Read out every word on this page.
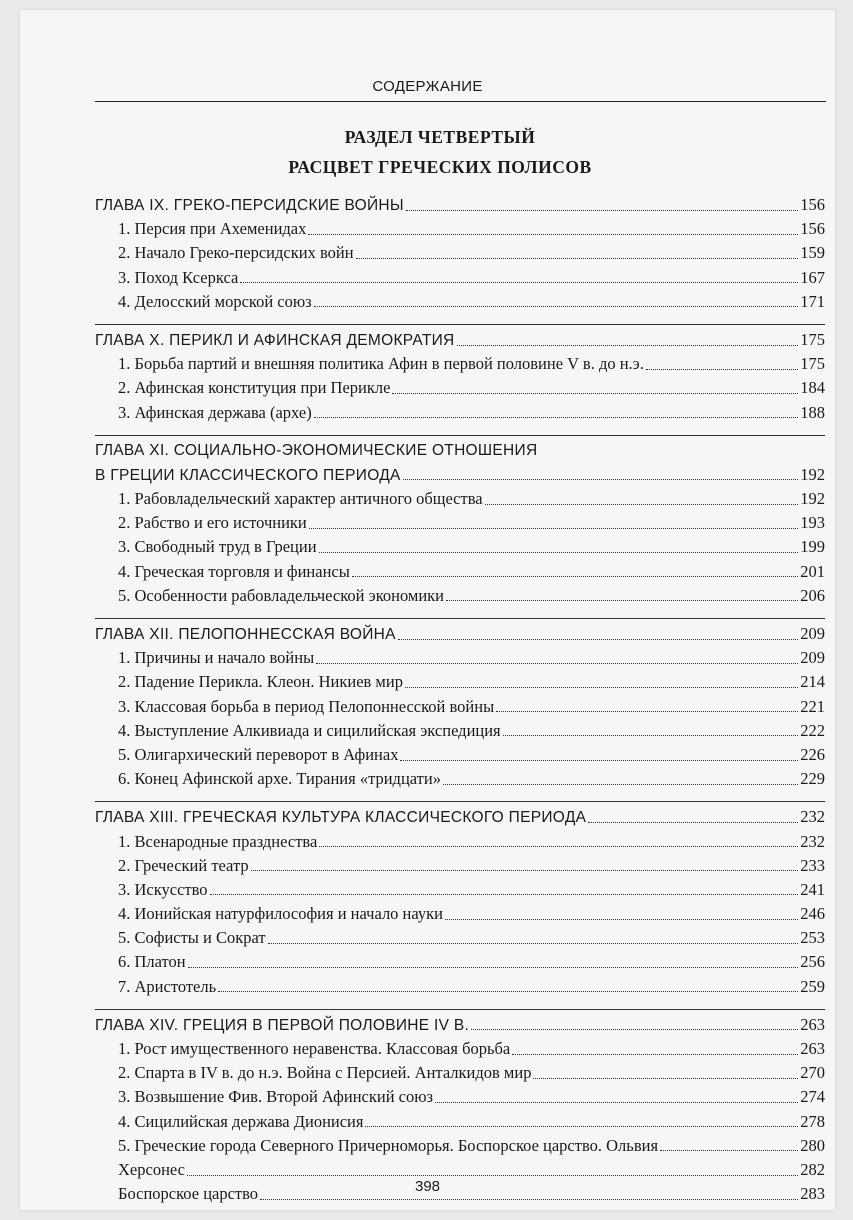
СОДЕРЖАНИЕ
РАЗДЕЛ ЧЕТВЕРТЫЙ
РАСЦВЕТ ГРЕЧЕСКИХ ПОЛИСОВ
ГЛАВА IX. ГРЕКО-ПЕРСИДСКИЕ ВОЙНЫ	156
1. Персия при Ахеменидах	156
2. Начало Греко-персидских войн	159
3. Поход Ксеркса	167
4. Делосский морской союз	171
ГЛАВА X. ПЕРИКЛ И АФИНСКАЯ ДЕМОКРАТИЯ	175
1. Борьба партий и внешняя политика Афин в первой половине V в. до н.э.	175
2. Афинская конституция при Перикле	184
3. Афинская держава (архе)	188
ГЛАВА XI. СОЦИАЛЬНО-ЭКОНОМИЧЕСКИЕ ОТНОШЕНИЯ
В ГРЕЦИИ КЛАССИЧЕСКОГО ПЕРИОДА	192
1. Рабовладельческий характер античного общества	192
2. Рабство и его источники	193
3. Свободный труд в Греции	199
4. Греческая торговля и финансы	201
5. Особенности рабовладельческой экономики	206
ГЛАВА XII. ПЕЛОПОННЕССКАЯ ВОЙНА	209
1. Причины и начало войны	209
2. Падение Перикла. Клеон. Никиев мир	214
3. Классовая борьба в период Пелопоннесской войны	221
4. Выступление Алкивиада и сицилийская экспедиция	222
5. Олигархический переворот в Афинах	226
6. Конец Афинской архе. Тирания «тридцати»	229
ГЛАВА XIII. ГРЕЧЕСКАЯ КУЛЬТУРА КЛАССИЧЕСКОГО ПЕРИОДА	232
1. Всенародные празднества	232
2. Греческий театр	233
3. Искусство	241
4. Ионийская натурфилософия и начало науки	246
5. Софисты и Сократ	253
6. Платон	256
7. Аристотель	259
ГЛАВА XIV. ГРЕЦИЯ В ПЕРВОЙ ПОЛОВИНЕ IV В.	263
1. Рост имущественного неравенства. Классовая борьба	263
2. Спарта в IV в. до н.э. Война с Персией. Анталкидов мир	270
3. Возвышение Фив. Второй Афинский союз	274
4. Сицилийская держава Дионисия	278
5. Греческие города Северного Причерноморья. Боспорское царство. Ольвия	280
Херсонес	282
Боспорское царство	283
398
